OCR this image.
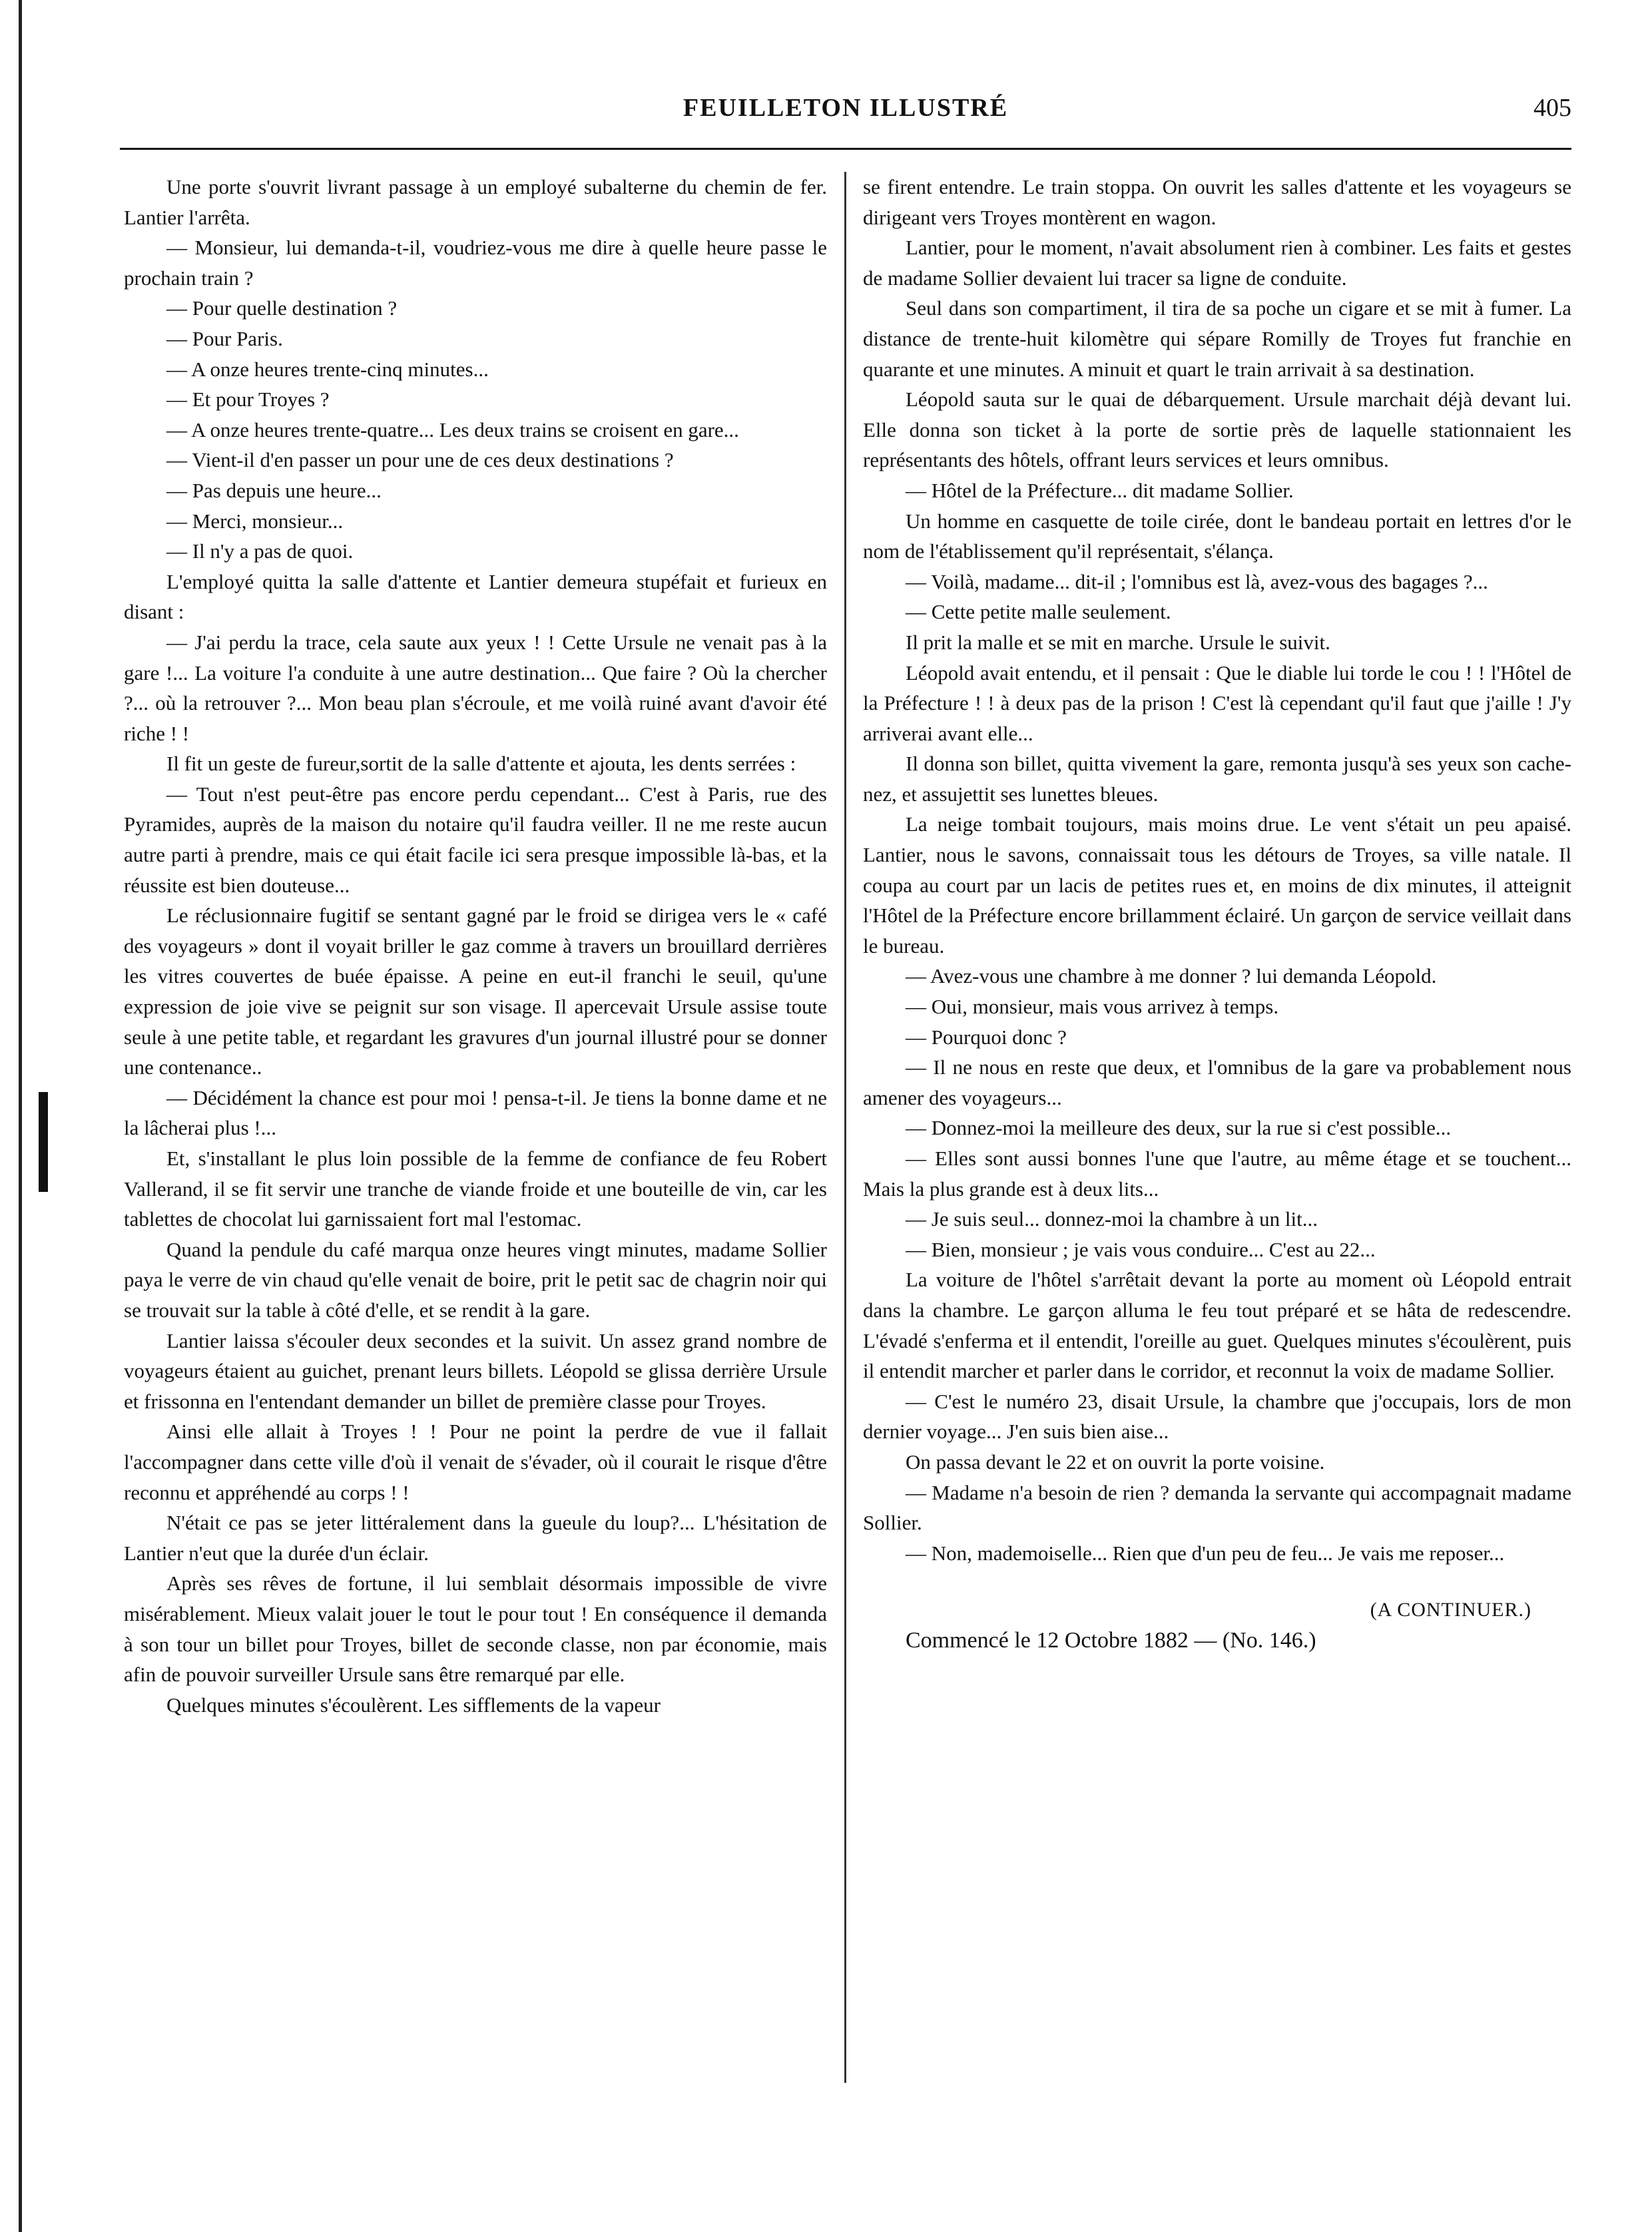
FEUILLETON ILLUSTRÉ	405

Une porte s'ouvrit livrant passage à un employé subalterne du chemin de fer. Lantier l'arrêta.

— Monsieur, lui demanda-t-il, voudriez-vous me dire à quelle heure passe le prochain train ?

— Pour quelle destination ?

— Pour Paris.

— A onze heures trente-cinq minutes...

— Et pour Troyes ?

— A onze heures trente-quatre... Les deux trains se croisent en gare...

— Vient-il d'en passer un pour une de ces deux destinations ?

— Pas depuis une heure...

— Merci, monsieur...

— Il n'y a pas de quoi.

L'employé quitta la salle d'attente et Lantier demeura stupéfait et furieux en disant :

— J'ai perdu la trace, cela saute aux yeux ! ! Cette Ursule ne venait pas à la gare !... La voiture l'a conduite à une autre destination... Que faire ? Où la chercher ?... où la retrouver ?... Mon beau plan s'écroule, et me voilà ruiné avant d'avoir été riche ! !

Il fit un geste de fureur,sortit de la salle d'attente et ajouta, les dents serrées :

— Tout n'est peut-être pas encore perdu cependant... C'est à Paris, rue des Pyramides, auprès de la maison du notaire qu'il faudra veiller. Il ne me reste aucun autre parti à prendre, mais ce qui était facile ici sera presque impossible là-bas, et la réussite est bien douteuse...

Le réclusionnaire fugitif se sentant gagné par le froid se dirigea vers le « café des voyageurs » dont il voyait briller le gaz comme à travers un brouillard derrières les vitres couvertes de buée épaisse. A peine en eut-il franchi le seuil, qu'une expression de joie vive se peignit sur son visage. Il apercevait Ursule assise toute seule à une petite table, et regardant les gravures d'un journal illustré pour se donner une contenance..

— Décidément la chance est pour moi ! pensa-t-il. Je tiens la bonne dame et ne la lâcherai plus !...

Et, s'installant le plus loin possible de la femme de confiance de feu Robert Vallerand, il se fit servir une tranche de viande froide et une bouteille de vin, car les tablettes de chocolat lui garnissaient fort mal l'estomac.

Quand la pendule du café marqua onze heures vingt minutes, madame Sollier paya le verre de vin chaud qu'elle venait de boire, prit le petit sac de chagrin noir qui se trouvait sur la table à côté d'elle, et se rendit à la gare.

Lantier laissa s'écouler deux secondes et la suivit. Un assez grand nombre de voyageurs étaient au guichet, prenant leurs billets. Léopold se glissa derrière Ursule et frissonna en l'entendant demander un billet de première classe pour Troyes.

Ainsi elle allait à Troyes ! ! Pour ne point la perdre de vue il fallait l'accompagner dans cette ville d'où il venait de s'évader, où il courait le risque d'être reconnu et appréhendé au corps ! !

N'était ce pas se jeter littéralement dans la gueule du loup?... L'hésitation de Lantier n'eut que la durée d'un éclair.

Après ses rêves de fortune, il lui semblait désormais impossible de vivre misérablement. Mieux valait jouer le tout le pour tout ! En conséquence il demanda à son tour un billet pour Troyes, billet de seconde classe, non par économie, mais afin de pouvoir surveiller Ursule sans être remarqué par elle.

Quelques minutes s'écoulèrent. Les sifflements de la vapeur

se firent entendre. Le train stoppa. On ouvrit les salles d'attente et les voyageurs se dirigeant vers Troyes montèrent en wagon.

Lantier, pour le moment, n'avait absolument rien à combiner. Les faits et gestes de madame Sollier devaient lui tracer sa ligne de conduite.

Seul dans son compartiment, il tira de sa poche un cigare et se mit à fumer. La distance de trente-huit kilomètre qui sépare Romilly de Troyes fut franchie en quarante et une minutes. A minuit et quart le train arrivait à sa destination.

Léopold sauta sur le quai de débarquement. Ursule marchait déjà devant lui. Elle donna son ticket à la porte de sortie près de laquelle stationnaient les représentants des hôtels, offrant leurs services et leurs omnibus.

— Hôtel de la Préfecture... dit madame Sollier.

Un homme en casquette de toile cirée, dont le bandeau portait en lettres d'or le nom de l'établissement qu'il représentait, s'élança.

— Voilà, madame... dit-il ; l'omnibus est là, avez-vous des bagages ?...

— Cette petite malle seulement.

Il prit la malle et se mit en marche. Ursule le suivit.

Léopold avait entendu, et il pensait : Que le diable lui torde le cou ! ! l'Hôtel de la Préfecture ! ! à deux pas de la prison ! C'est là cependant qu'il faut que j'aille ! J'y arriverai avant elle...

Il donna son billet, quitta vivement la gare, remonta jusqu'à ses yeux son cache-nez, et assujettit ses lunettes bleues.

La neige tombait toujours, mais moins drue. Le vent s'était un peu apaisé. Lantier, nous le savons, connaissait tous les détours de Troyes, sa ville natale. Il coupa au court par un lacis de petites rues et, en moins de dix minutes, il atteignit l'Hôtel de la Préfecture encore brillamment éclairé. Un garçon de service veillait dans le bureau.

— Avez-vous une chambre à me donner ? lui demanda Léopold.

— Oui, monsieur, mais vous arrivez à temps.

— Pourquoi donc ?

— Il ne nous en reste que deux, et l'omnibus de la gare va probablement nous amener des voyageurs...

— Donnez-moi la meilleure des deux, sur la rue si c'est possible...

— Elles sont aussi bonnes l'une que l'autre, au même étage et se touchent... Mais la plus grande est à deux lits...

— Je suis seul... donnez-moi la chambre à un lit...

— Bien, monsieur ; je vais vous conduire... C'est au 22...

La voiture de l'hôtel s'arrêtait devant la porte au moment où Léopold entrait dans la chambre. Le garçon alluma le feu tout préparé et se hâta de redescendre. L'évadé s'enferma et il entendit, l'oreille au guet. Quelques minutes s'écoulèrent, puis il entendit marcher et parler dans le corridor, et reconnut la voix de madame Sollier.

— C'est le numéro 23, disait Ursule, la chambre que j'occupais, lors de mon dernier voyage... J'en suis bien aise...

On passa devant le 22 et on ouvrit la porte voisine.

— Madame n'a besoin de rien ? demanda la servante qui accompagnait madame Sollier.

— Non, mademoiselle... Rien que d'un peu de feu... Je vais me reposer...

(A CONTINUER.)

Commencé le 12 Octobre 1882 — (No. 146.)
